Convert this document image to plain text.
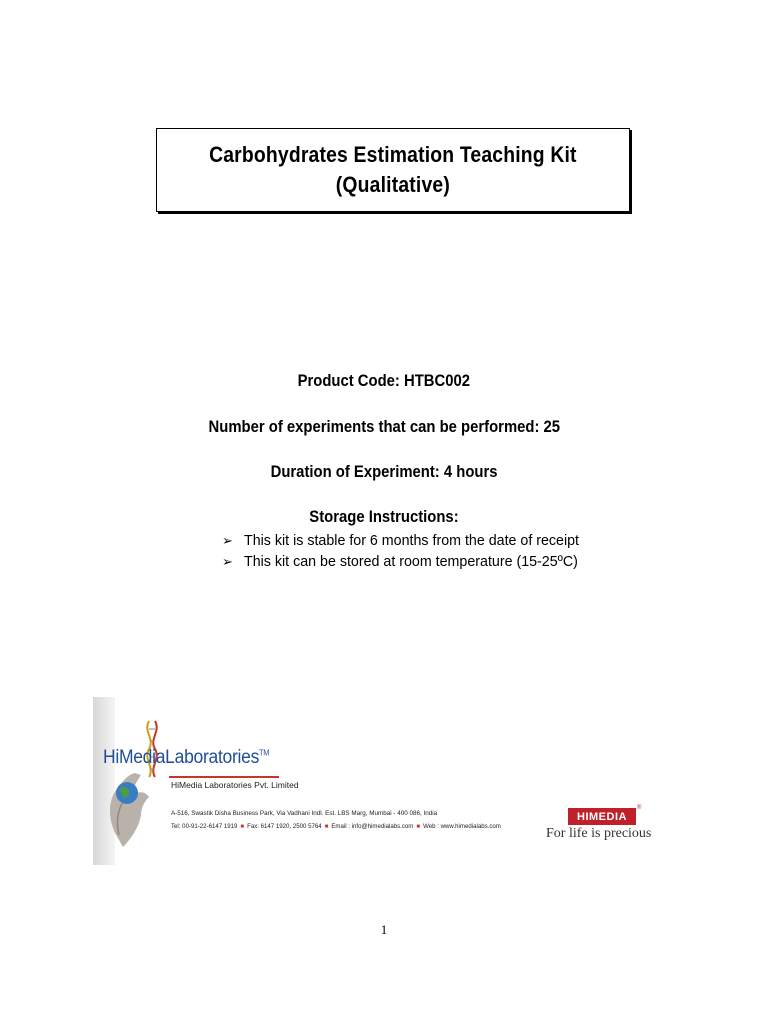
Carbohydrates Estimation Teaching Kit
(Qualitative)
Product Code: HTBC002
Number of experiments that can be performed: 25
Duration of Experiment: 4 hours
Storage Instructions:
➢ This kit is stable for 6 months from the date of receipt
➢ This kit can be stored at room temperature (15-25ºC)
HiMediaLaboratories™
HiMedia Laboratories Pvt. Limited
A-516, Swastik Disha Business Park, Via Vadhani Indl. Est. LBS Marg, Mumbai - 400 086, India
Tel: 00-91-22-6147 1919 ■ Fax: 6147 1920, 2500 5764 ■ Email : info@himedialabs.com ■ Web : www.himedialabs.com
HIMEDIA
®
For life is precious
1
